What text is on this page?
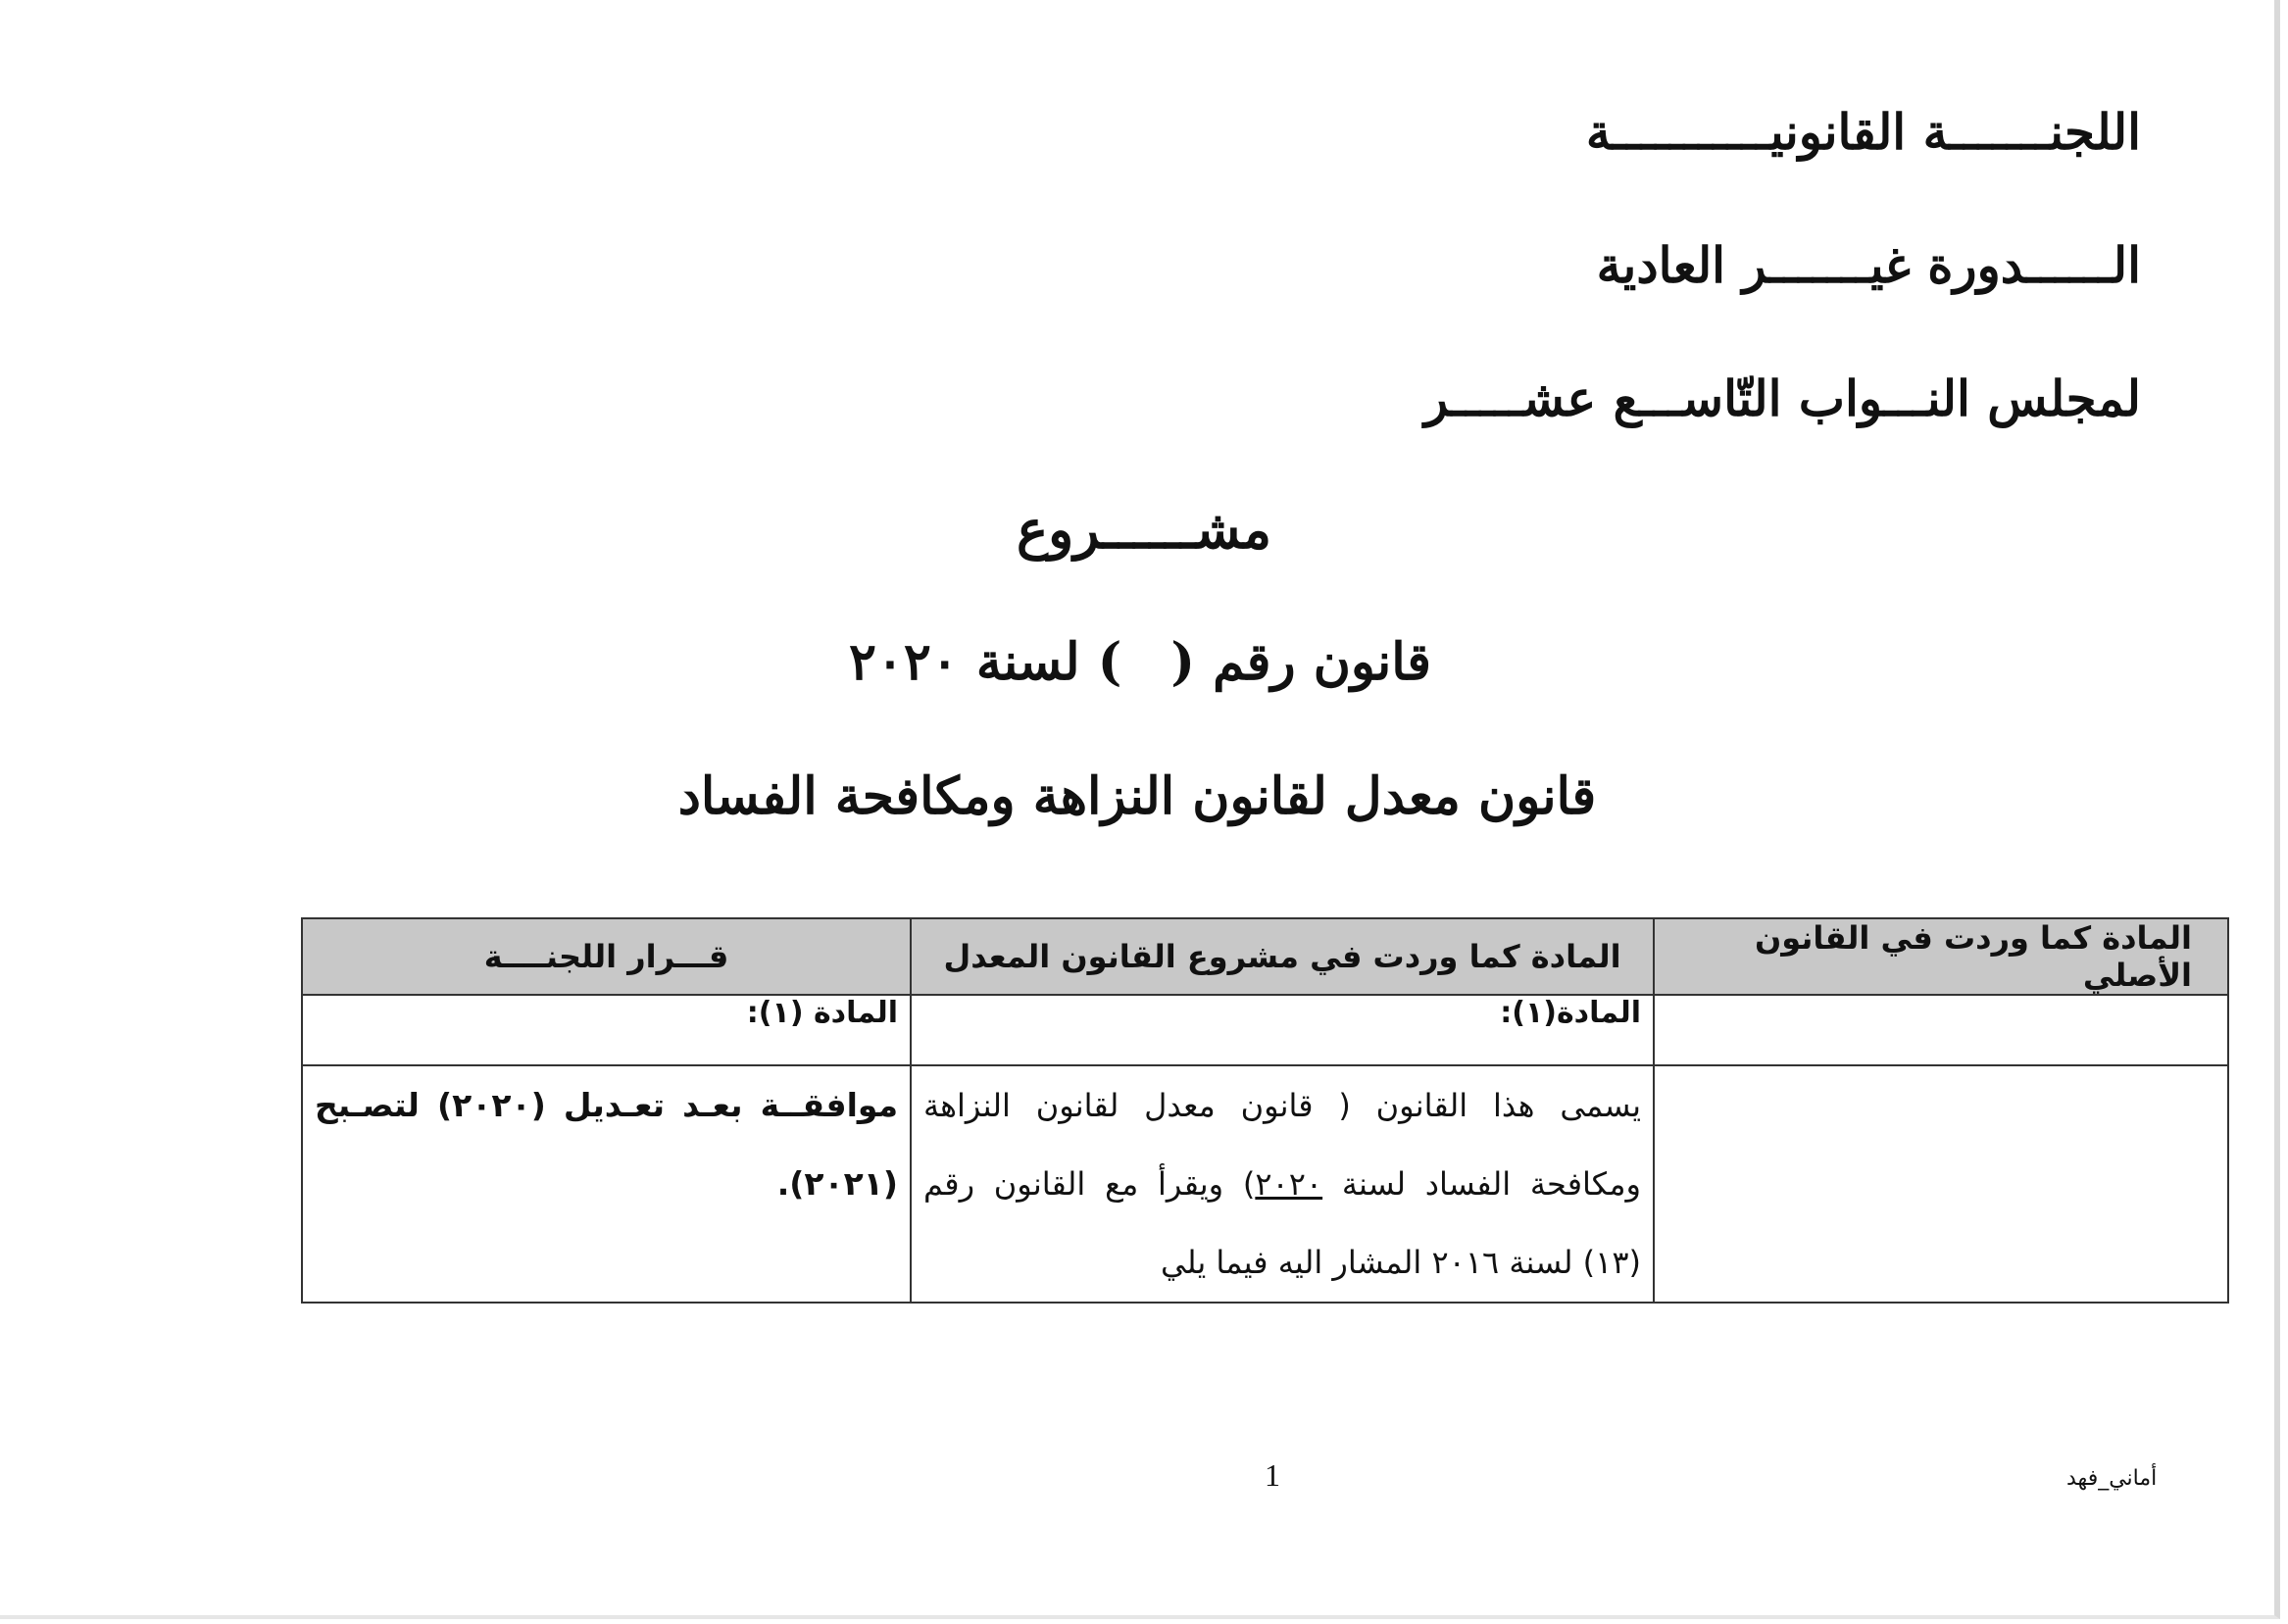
اللجنـــــــة القانونيـــــــــــة
الــــــدورة غيـــــــر العادية
لمجلس النـــواب التّاســـع عشـــــر
مشــــــروع
قانون رقم () لسنة ٢٠٢٠
قانون معدل لقانون النزاهة ومكافحة الفساد
المادة كما وردت في القانون الأصلي	المادة كما وردت في مشروع القانون المعدل	قـــرار اللجنــــة
	المادة(١):	المادة (١):
	يسمى هذا القانون ( قانون معدل لقانون النزاهة ومكافحة الفساد لسنة ٢٠٢٠) ويقرأ مع القانون رقم (١٣) لسنة ٢٠١٦ المشار اليه فيما يلي	موافقــة بعـد تعـديل (٢٠٢٠) لتصـبح (٢٠٢١).
1	أماني_فهد
